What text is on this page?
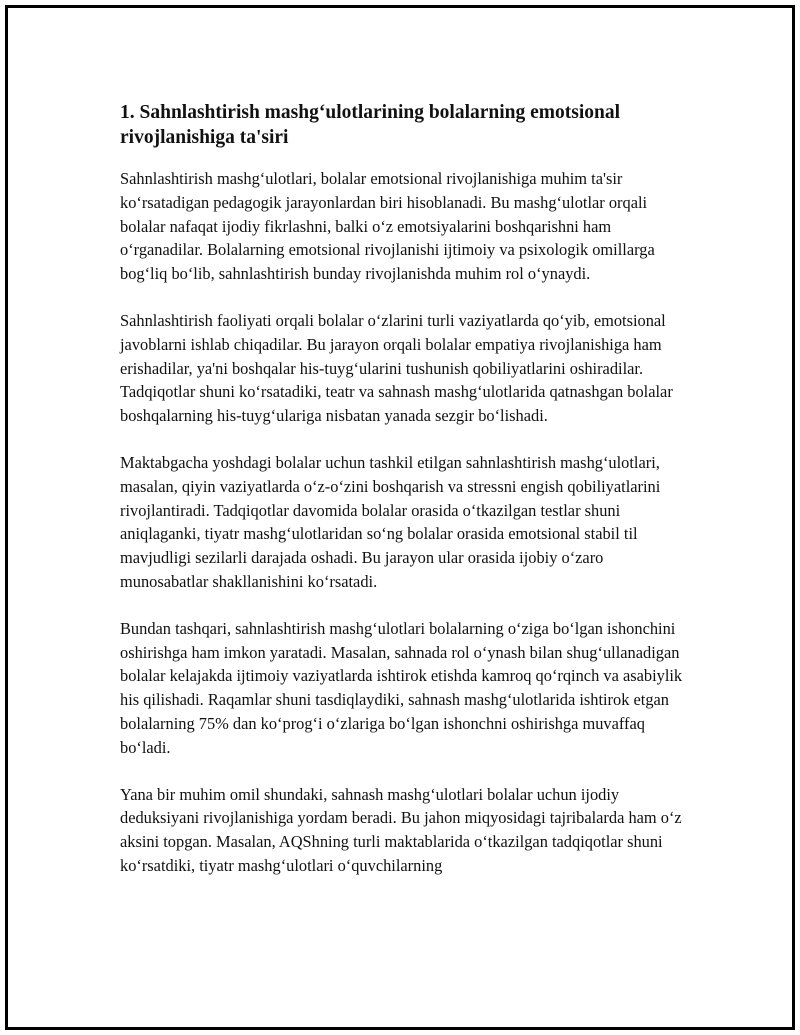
1. Sahnlashtirish mashg‘ulotlarining bolalarning emotsional rivojlanishiga ta'siri

Sahnlashtirish mashg‘ulotlari, bolalar emotsional rivojlanishiga muhim ta'sir ko‘rsatadigan pedagogik jarayonlardan biri hisoblanadi. Bu mashg‘ulotlar orqali bolalar nafaqat ijodiy fikrlashni, balki o‘z emotsiyalarini boshqarishni ham o‘rganadilar. Bolalarning emotsional rivojlanishi ijtimoiy va psixologik omillarga bog‘liq bo‘lib, sahnlashtirish bunday rivojlanishda muhim rol o‘ynaydi.

Sahnlashtirish faoliyati orqali bolalar o‘zlarini turli vaziyatlarda qo‘yib, emotsional javoblarni ishlab chiqadilar. Bu jarayon orqali bolalar empatiya rivojlanishiga ham erishadilar, ya'ni boshqalar his-tuyg‘ularini tushunish qobiliyatlarini oshiradilar. Tadqiqotlar shuni ko‘rsatadiki, teatr va sahnash mashg‘ulotlarida qatnashgan bolalar boshqalarning his-tuyg‘ulariga nisbatan yanada sezgir bo‘lishadi.

Maktabgacha yoshdagi bolalar uchun tashkil etilgan sahnlashtirish mashg‘ulotlari, masalan, qiyin vaziyatlarda o‘z-o‘zini boshqarish va stressni engish qobiliyatlarini rivojlantiradi. Tadqiqotlar davomida bolalar orasida o‘tkazilgan testlar shuni aniqlaganki, tiyatr mashg‘ulotlaridan so‘ng bolalar orasida emotsional stabil til mavjudligi sezilarli darajada oshadi. Bu jarayon ular orasida ijobiy o‘zaro munosabatlar shakllanishini ko‘rsatadi.

Bundan tashqari, sahnlashtirish mashg‘ulotlari bolalarning o‘ziga bo‘lgan ishonchini oshirishga ham imkon yaratadi. Masalan, sahnada rol o‘ynash bilan shug‘ullanadigan bolalar kelajakda ijtimoiy vaziyatlarda ishtirok etishda kamroq qo‘rqinch va asabiylik his qilishadi. Raqamlar shuni tasdiqlaydiki, sahnash mashg‘ulotlarida ishtirok etgan bolalarning 75% dan ko‘prog‘i o‘zlariga bo‘lgan ishonchni oshirishga muvaffaq bo‘ladi.

Yana bir muhim omil shundaki, sahnash mashg‘ulotlari bolalar uchun ijodiy deduksiyani rivojlanishiga yordam beradi. Bu jahon miqyosidagi tajribalarda ham o‘z aksini topgan. Masalan, AQShning turli maktablarida o‘tkazilgan tadqiqotlar shuni ko‘rsatdiki, tiyatr mashg‘ulotlari o‘quvchilarning
